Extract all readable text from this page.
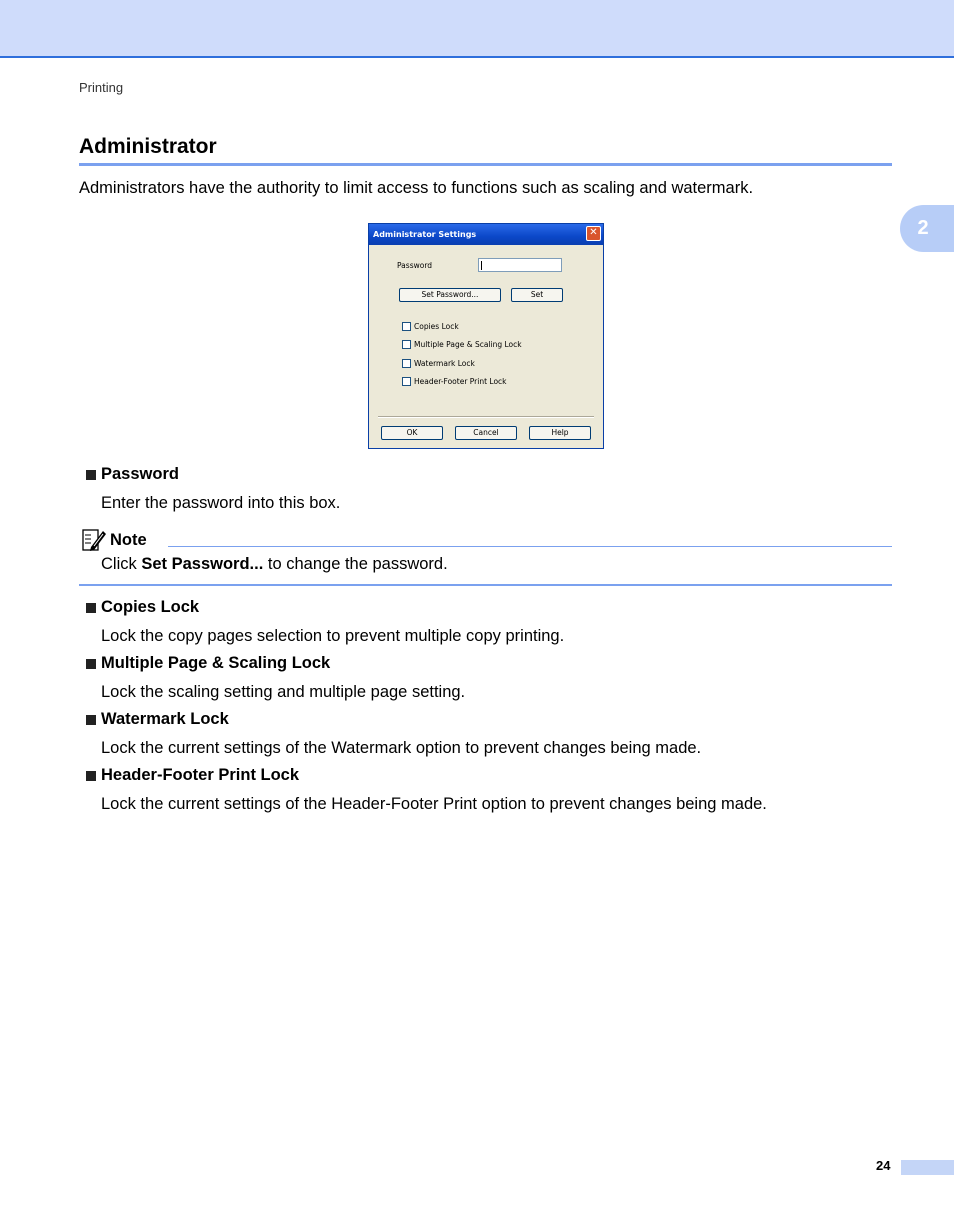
Printing
2
Administrator
Administrators have the authority to limit access to functions such as scaling and watermark.
Administrator Settings	✕
Password
Set Password...	Set
Copies Lock
Multiple Page & Scaling Lock
Watermark Lock
Header-Footer Print Lock
OK	Cancel	Help
Password
Enter the password into this box.
Note
Click Set Password... to change the password.
Copies Lock
Lock the copy pages selection to prevent multiple copy printing.
Multiple Page & Scaling Lock
Lock the scaling setting and multiple page setting.
Watermark Lock
Lock the current settings of the Watermark option to prevent changes being made.
Header-Footer Print Lock
Lock the current settings of the Header-Footer Print option to prevent changes being made.
24
